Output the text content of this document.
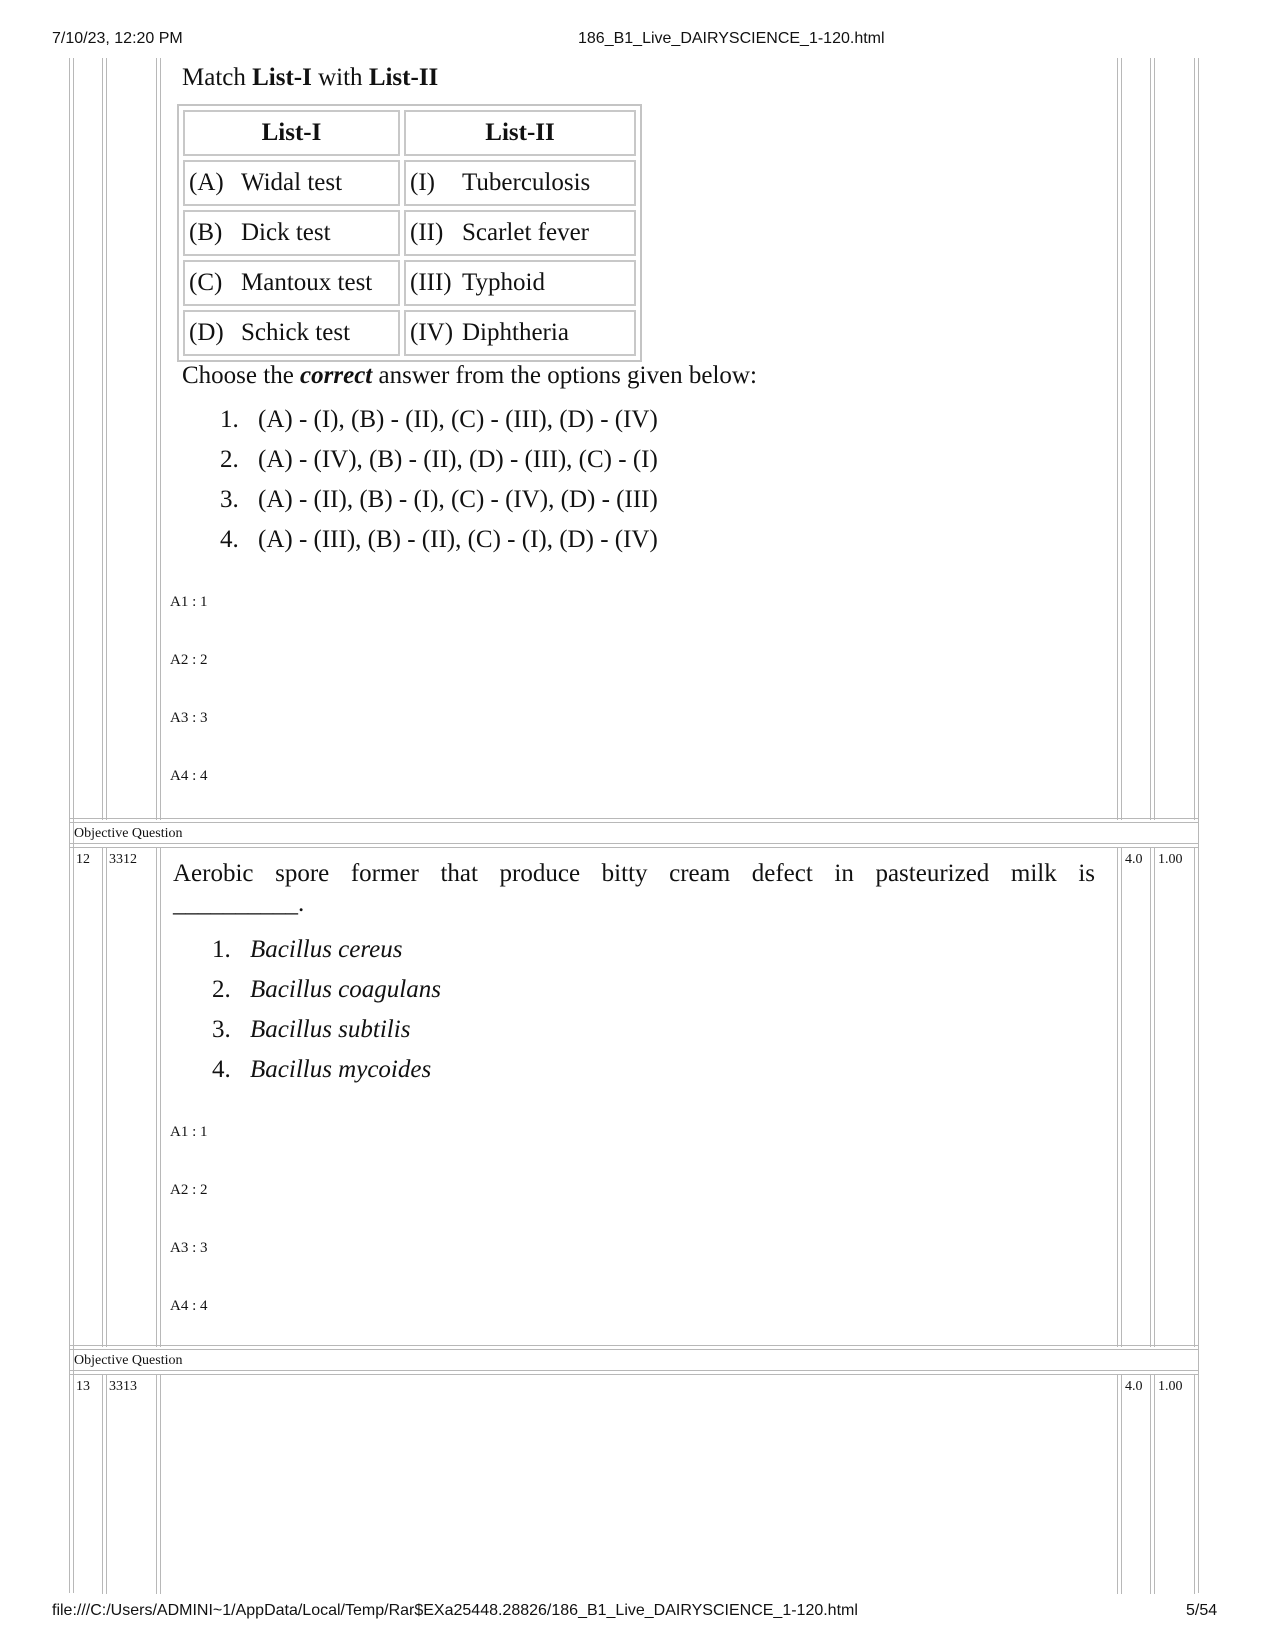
7/10/23, 12:20 PM	186_B1_Live_DAIRYSCIENCE_1-120.html
Match List-I with List-II
List-I	List-II
(A) Widal test	(I) Tuberculosis
(B) Dick test	(II) Scarlet fever
(C) Mantoux test	(III) Typhoid
(D) Schick test	(IV) Diphtheria
Choose the correct answer from the options given below:
1. (A) - (I), (B) - (II), (C) - (III), (D) - (IV)
2. (A) - (IV), (B) - (II), (D) - (III), (C) - (I)
3. (A) - (II), (B) - (I), (C) - (IV), (D) - (III)
4. (A) - (III), (B) - (II), (C) - (I), (D) - (IV)
A1 : 1
A2 : 2
A3 : 3
A4 : 4
Objective Question
12 3312	4.0 1.00
Aerobic spore former that produce bitty cream defect in pasteurized milk is
__________.
1. Bacillus cereus
2. Bacillus coagulans
3. Bacillus subtilis
4. Bacillus mycoides
A1 : 1
A2 : 2
A3 : 3
A4 : 4
Objective Question
13 3313	4.0 1.00
file:///C:/Users/ADMINI~1/AppData/Local/Temp/Rar$EXa25448.28826/186_B1_Live_DAIRYSCIENCE_1-120.html	5/54
